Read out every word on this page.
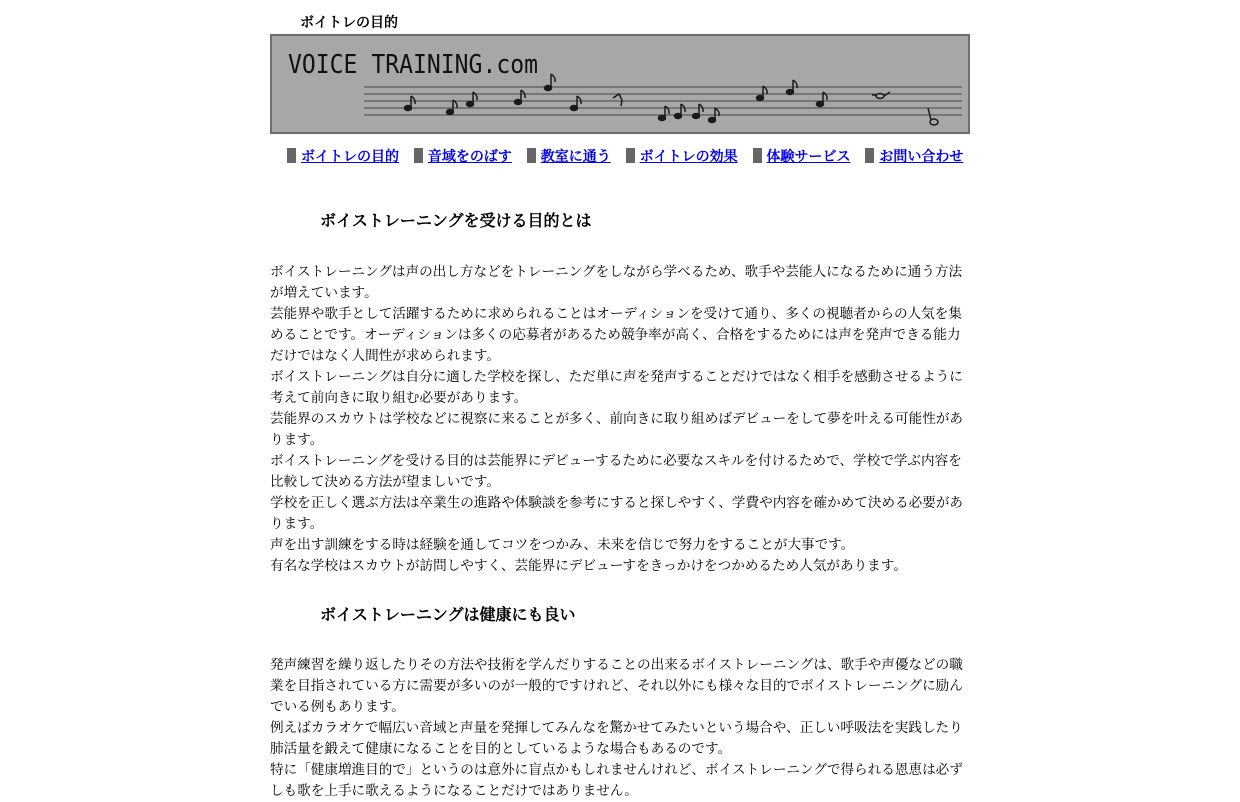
ボイトレの目的
VOICE TRAINING.com
ボイトレの目的 音域をのばす 教室に通う ボイトレの効果 体験サービス お問い合わせ
ボイストレーニングを受ける目的とは

ボイストレーニングは声の出し方などをトレーニングをしながら学べるため、歌手や芸能人になるために通う方法が増えています。

芸能界や歌手として活躍するために求められることはオーディションを受けて通り、多くの視聴者からの人気を集めることです。オーディションは多くの応募者があるため競争率が高く、合格をするためには声を発声できる能力だけではなく人間性が求められます。

ボイストレーニングは自分に適した学校を探し、ただ単に声を発声することだけではなく相手を感動させるように考えて前向きに取り組む必要があります。

芸能界のスカウトは学校などに視察に来ることが多く、前向きに取り組めばデビューをして夢を叶える可能性があります。

ボイストレーニングを受ける目的は芸能界にデビューするために必要なスキルを付けるためで、学校で学ぶ内容を比較して決める方法が望ましいです。

学校を正しく選ぶ方法は卒業生の進路や体験談を参考にすると探しやすく、学費や内容を確かめて決める必要があります。

声を出す訓練をする時は経験を通してコツをつかみ、未来を信じで努力をすることが大事です。

有名な学校はスカウトが訪問しやすく、芸能界にデビューすをきっかけをつかめるため人気があります。

ボイストレーニングは健康にも良い

発声練習を繰り返したりその方法や技術を学んだりすることの出来るボイストレーニングは、歌手や声優などの職業を目指されている方に需要が多いのが一般的ですけれど、それ以外にも様々な目的でボイストレーニングに励んでいる例もあります。

例えばカラオケで幅広い音域と声量を発揮してみんなを驚かせてみたいという場合や、正しい呼吸法を実践したり肺活量を鍛えて健康になることを目的としているような場合もあるのです。

特に「健康増進目的で」というのは意外に盲点かもしれませんけれど、ボイストレーニングで得られる恩恵は必ずしも歌を上手に歌えるようになることだけではありません。
